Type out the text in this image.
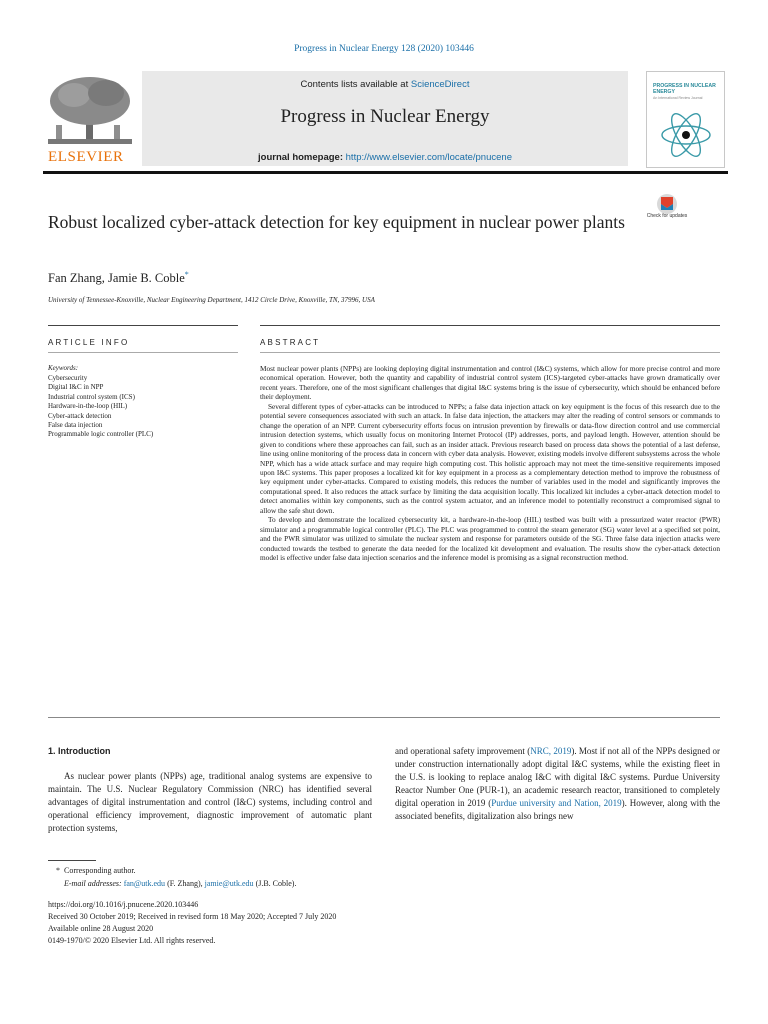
Progress in Nuclear Energy 128 (2020) 103446
ELSEVIER
Contents lists available at ScienceDirect
Progress in Nuclear Energy
journal homepage: http://www.elsevier.com/locate/pnucene
PROGRESS IN NUCLEAR ENERGY
An International Review Journal
Robust localized cyber-attack detection for key equipment in nuclear power plants	Check for updates
Fan Zhang, Jamie B. Coble*
University of Tennessee-Knoxville, Nuclear Engineering Department, 1412 Circle Drive, Knoxville, TN, 37996, USA
ARTICLE INFO	ABSTRACT
Keywords:
Cybersecurity
Digital I&C in NPP
Industrial control system (ICS)
Hardware-in-the-loop (HIL)
Cyber-attack detection
False data injection
Programmable logic controller (PLC)

Most nuclear power plants (NPPs) are looking deploying digital instrumentation and control (I&C) systems, which allow for more precise control and more economical operation. However, both the quantity and capability of industrial control system (ICS)-targeted cyber-attacks have grown dramatically over recent years. Therefore, one of the most significant challenges that digital I&C systems bring is the issue of cybersecurity, which should be enhanced before their deployment.

Several different types of cyber-attacks can be introduced to NPPs; a false data injection attack on key equipment is the focus of this research due to the potential severe consequences associated with such an attack. In false data injection, the attackers may alter the reading of control sensors or commands to change the operation of an NPP. Current cybersecurity efforts focus on intrusion prevention by firewalls or data-flow direction control and use commercial intrusion detection systems, which usually focus on monitoring Internet Protocol (IP) addresses, ports, and payload length. However, attention should be given to conditions where these approaches can fail, such as an insider attack. Previous research based on process data shows the potential of a last defense, line using online monitoring of the process data in concern with cyber data analysis. However, existing models involve different subsystems across the whole NPP, which has a wide attack surface and may require high computing cost. This holistic approach may not meet the time-sensitive requirements imposed upon I&C systems. This paper proposes a localized kit for key equipment in a process as a complementary detection method to improve the robustness of key equipment under cyber-attacks. Compared to existing models, this reduces the number of variables used in the model and significantly improves the computational speed. It also reduces the attack surface by limiting the data acquisition locally. This localized kit includes a cyber-attack detection model to detect anomalies within key components, such as the control system actuator, and an inference model to potentially reconstruct a compromised signal to allow the safe shut down.

To develop and demonstrate the localized cybersecurity kit, a hardware-in-the-loop (HIL) testbed was built with a pressurized water reactor (PWR) simulator and a programmable logical controller (PLC). The PLC was programmed to control the steam generator (SG) water level at a specified set point, and the PWR simulator was utilized to simulate the nuclear system and response for parameters outside of the SG. Three false data injection attacks were conducted towards the testbed to generate the data needed for the localized kit development and evaluation. The results show the cyber-attack detection model is effective under false data injection scenarios and the inference model is promising as a signal reconstruction method.

1. Introduction

As nuclear power plants (NPPs) age, traditional analog systems are expensive to maintain. The U.S. Nuclear Regulatory Commission (NRC) has identified several advantages of digital instrumentation and control (I&C) systems, including control and operational efficiency improvement, diagnostic improvement of automatic plant protection systems,

and operational safety improvement (NRC, 2019). Most if not all of the NPPs designed or under construction internationally adopt digital I&C systems, while the existing fleet in the U.S. is looking to replace analog I&C with digital I&C systems. Purdue University Reactor Number One (PUR-1), an academic research reactor, transitioned to completely digital operation in 2019 (Purdue university and Nation, 2019). However, along with the associated benefits, digitalization also brings new

* Corresponding author.
E-mail addresses: fan@utk.edu (F. Zhang), jamie@utk.edu (J.B. Coble).
https://doi.org/10.1016/j.pnucene.2020.103446
Received 30 October 2019; Received in revised form 18 May 2020; Accepted 7 July 2020
Available online 28 August 2020
0149-1970/© 2020 Elsevier Ltd. All rights reserved.
